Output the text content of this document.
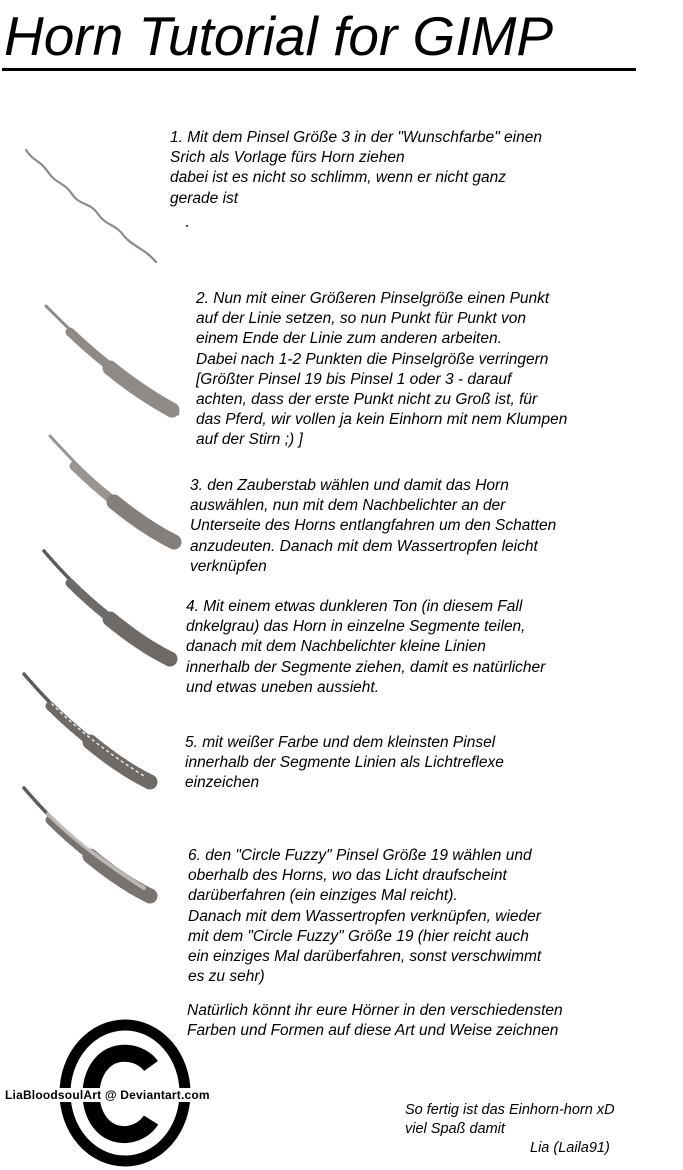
Horn Tutorial for GIMP
1. Mit dem Pinsel Größe 3 in der "Wunschfarbe" einen
Srich als Vorlage fürs Horn ziehen
dabei ist es nicht so schlimm, wenn er nicht ganz
gerade ist
2. Nun mit einer Größeren Pinselgröße einen Punkt
auf der Linie setzen, so nun Punkt für Punkt von
einem Ende der Linie zum anderen arbeiten.
Dabei nach 1-2 Punkten die Pinselgröße verringern
[Größter Pinsel 19 bis Pinsel 1 oder 3 - darauf
achten, dass der erste Punkt nicht zu Groß ist, für
das Pferd, wir vollen ja kein Einhorn mit nem Klumpen
auf der Stirn ;) ]
3. den Zauberstab wählen und damit das Horn
auswählen, nun mit dem Nachbelichter an der
Unterseite des Horns entlangfahren um den Schatten
anzudeuten. Danach mit dem Wassertropfen leicht
verknüpfen
4. Mit einem etwas dunkleren Ton (in diesem Fall
dnkelgrau) das Horn in einzelne Segmente teilen,
danach mit dem Nachbelichter kleine Linien
innerhalb der Segmente ziehen, damit es natürlicher
und etwas uneben aussieht.
5. mit weißer Farbe und dem kleinsten Pinsel
innerhalb der Segmente Linien als Lichtreflexe
einzeichen
6. den "Circle Fuzzy" Pinsel Größe 19 wählen und
oberhalb des Horns, wo das Licht draufscheint
darüberfahren (ein einziges Mal reicht).
Danach mit dem Wassertropfen verknüpfen, wieder
mit dem "Circle Fuzzy" Größe 19 (hier reicht auch
ein einziges Mal darüberfahren, sonst verschwimmt
es zu sehr)
Natürlich könnt ihr eure Hörner in den verschiedensten
Farben und Formen auf diese Art und Weise zeichnen
LiaBloodsoulArt @ Deviantart.com
So fertig ist das Einhorn-horn xD
viel Spaß damit
Lia (Laila91)
